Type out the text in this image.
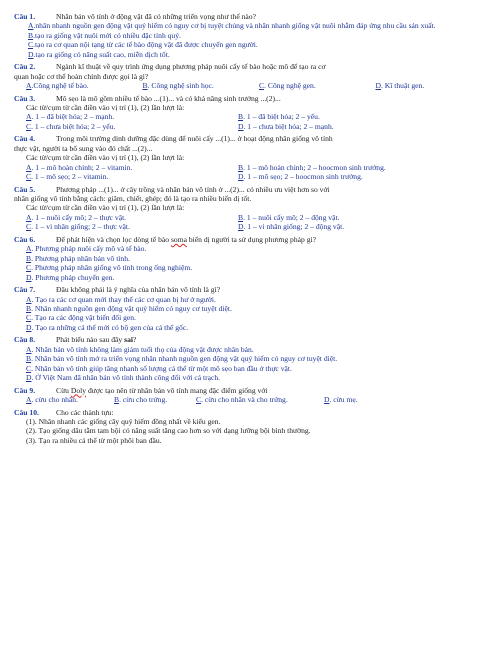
Câu 1.	Nhân bản vô tính ở động vật đã có những triển vọng như thế nào?
A.nhân nhanh nguồn gen động vật quý hiếm có nguy cơ bị tuyệt chủng và nhân nhanh giống vật nuôi nhằm đáp ứng nhu cầu sản xuất.
B.tạo ra giống vật nuôi mới có nhiều đặc tính quý.
C.tạo ra cơ quan nội tạng từ các tế bào động vật đã được chuyển gen người.
D.tạo ra giống có năng suất cao, miễn dịch tốt.
Câu 2.	Ngành kĩ thuật về quy trình ứng dụng phương pháp nuôi cấy tế bào hoặc mô để tạo ra cơ
quan hoặc cơ thể hoàn chỉnh được gọi là gì?
A.Công nghệ tế bào.	B. Công nghệ sinh học.	C. Công nghệ gen.	D. Kĩ thuật gen.
Câu 3.	Mô sẹo là mô gồm nhiều tế bào ...(1)... và có khả năng sinh trưởng ...(2)...
Các từ/cụm từ cần điền vào vị trí (1), (2) lần lượt là:
A. 1 – đã biệt hóa; 2 – mạnh.	B. 1 – đã biệt hóa; 2 – yếu.
C. 1 – chưa biệt hóa; 2 – yếu.	D. 1 – chưa biệt hóa; 2 – mạnh.
Câu 4.	Trong môi trường dinh dưỡng đặc dùng để nuôi cấy ...(1)... ở hoạt động nhân giống vô tính
thực vật, người ta bổ sung vào đó chất ...(2)...
Các từ/cụm từ cần điền vào vị trí (1), (2) lần lượt là:
A. 1 – mô hoàn chỉnh; 2 – vitamin.	B. 1 – mô hoàn chỉnh; 2 – hoocmon sinh trưởng.
C. 1 – mô sẹo; 2 – vitamin.	D. 1 – mô sẹo; 2 – hoocmon sinh trưởng.
Câu 5.	Phương pháp ...(1)... ở cây trồng và nhân bản vô tính ở ...(2)... có nhiều ưu việt hơn so với
nhân giống vô tính bằng cách: giâm, chiết, ghép; đó là tạo ra nhiều biến dị tốt.
Các từ/cụm từ cần điền vào vị trí (1), (2) lần lượt là:
A. 1 – nuôi cấy mô; 2 – thực vật.	B. 1 – nuôi cấy mô; 2 – động vật.
C. 1 – vi nhân giống; 2 – thực vật.	D. 1 – vi nhân giống; 2 – động vật.
Câu 6.	Để phát hiện và chọn lọc dòng tế bào soma biến dị người ta sử dụng phương pháp gì?
A. Phương pháp nuôi cấy mô và tế bào.
B. Phương pháp nhân bản vô tính.
C. Phương pháp nhân giống vô tính trong ống nghiệm.
D. Phương pháp chuyển gen.
Câu 7.	Đâu không phải là ý nghĩa của nhân bản vô tính là gì?
A. Tạo ra các cơ quan mới thay thế các cơ quan bị hư ở người.
B. Nhân nhanh nguồn gen động vật quý hiếm có nguy cơ tuyệt diệt.
C. Tạo ra các động vật biến đổi gen.
D. Tạo ra những cá thể mới có bộ gen của cá thể gốc.
Câu 8.	Phát biểu nào sau đây sai?
A. Nhân bản vô tính không làm giảm tuổi thọ của động vật được nhân bản.
B. Nhân bản vô tính mở ra triển vọng nhân nhanh nguồn gen động vật quý hiếm có nguy cơ tuyệt diệt.
C. Nhân bản vô tính giúp tăng nhanh số lượng cá thể từ một mô sẹo ban đầu ở thực vật.
D. Ở Việt Nam đã nhân bản vô tính thành công đối với cá trạch.
Câu 9.	Cừu Doly được tạo nên từ nhân bản vô tính mang đặc điểm giống với
A. cừu cho nhân.	B. cừu cho trứng.	C. cừu cho nhân và cho trứng.	D. cừu mẹ.
Câu 10.	Cho các thành tựu:
(1). Nhân nhanh các giống cây quý hiếm đồng nhất về kiểu gen.
(2). Tạo giống dâu tằm tam bội có năng suất tăng cao hơn so với dạng lưỡng bội bình thường.
(3). Tạo ra nhiều cá thể từ một phôi ban đầu.
